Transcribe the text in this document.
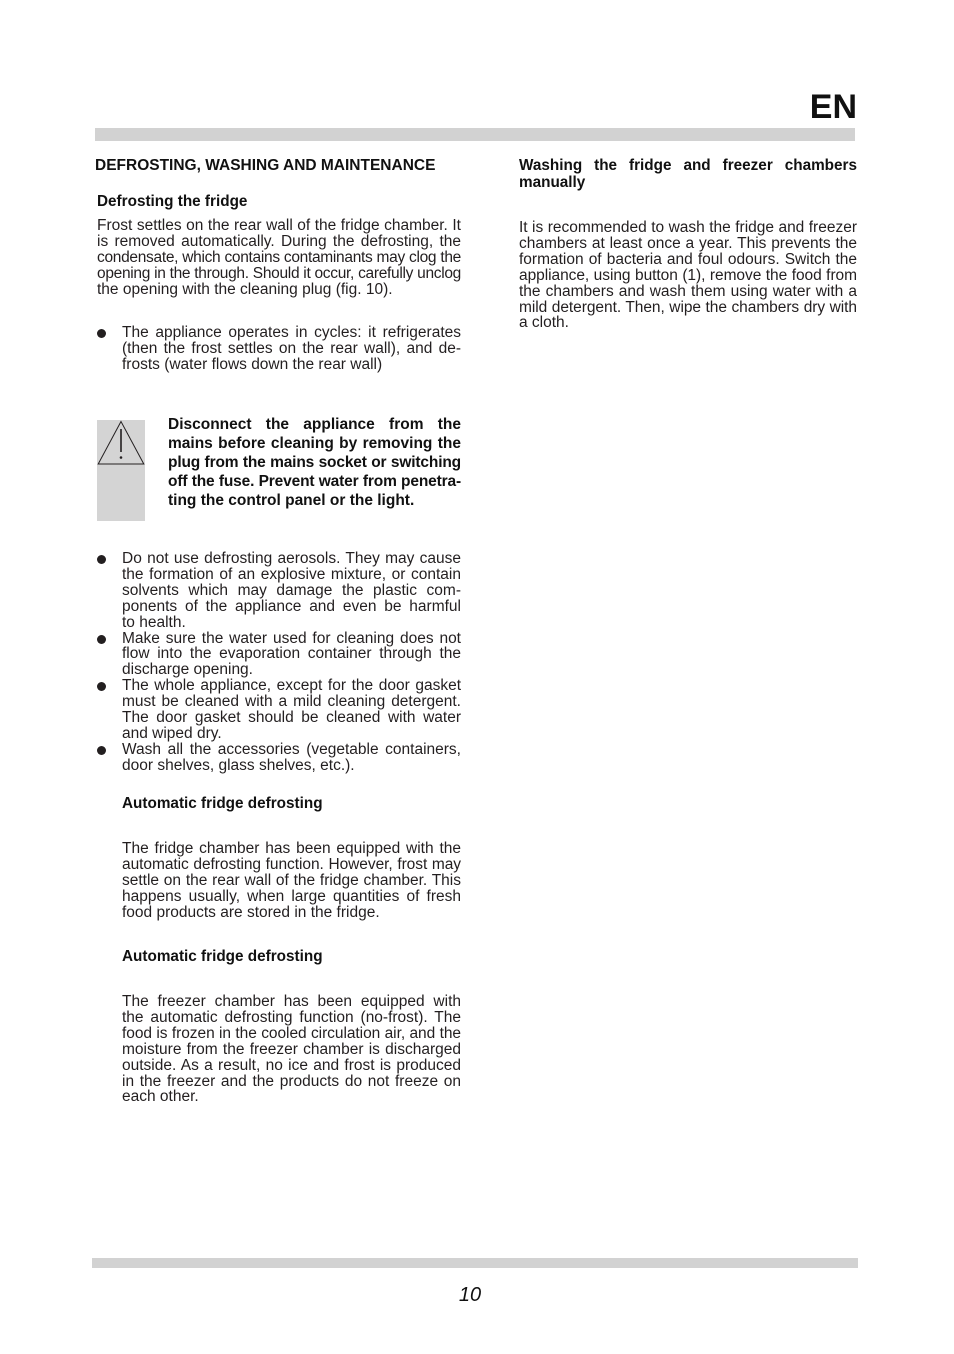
EN
DEFROSTING, WASHING AND MAINTENANCE
Defrosting the fridge
Frost settles on the rear wall of the fridge chamber. It
is removed automatically. During the defrosting, the
condensate, which contains contaminants may clog the
opening in the through. Should it occur, carefully unclog
the opening with the cleaning plug (fig. 10).
The appliance operates in cycles: it refrigerates
(then the frost settles on the rear wall), and de-
frosts (water flows down the rear wall)
Disconnect the appliance from the
mains before cleaning by removing the
plug from the mains socket or switching
off the fuse. Prevent water from penetra-
ting the control panel or the light.
Do not use defrosting aerosols. They may cause
the formation of an explosive mixture, or contain
solvents which may damage the plastic com-
ponents of the appliance and even be harmful
to health.
Make sure the water used for cleaning does not
flow into the evaporation container through the
discharge opening.
The whole appliance, except for the door gasket
must be cleaned with a mild cleaning detergent.
The door gasket should be cleaned with water
and wiped dry.
Wash all the accessories (vegetable containers,
door shelves, glass shelves, etc.).
Automatic fridge defrosting
The fridge chamber has been equipped with the
automatic defrosting function. However, frost may
settle on the rear wall of the fridge chamber. This
happens usually, when large quantities of fresh
food products are stored in the fridge.
Automatic fridge defrosting
The freezer chamber has been equipped with
the automatic defrosting function (no-frost). The
food is frozen in the cooled circulation air, and the
moisture from the freezer chamber is discharged
outside. As a result, no ice and frost is produced
in the freezer and the products do not freeze on
each other.
Washing the fridge and freezer chambers
manually
It is recommended to wash the fridge and freezer
chambers at least once a year. This prevents the
formation of bacteria and foul odours. Switch the
appliance, using button (1), remove the food from
the chambers and wash them using water with a
mild detergent. Then, wipe the chambers dry with
a cloth.
10
